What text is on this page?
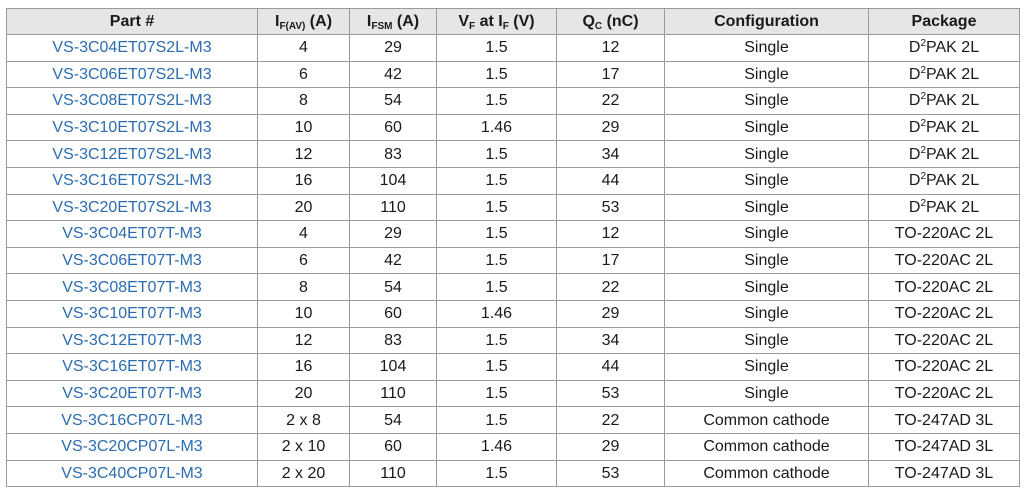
Part #	$I_{F(AV)}$ (A)	$I_{FSM}$ (A)	$V_F$ at $I_F$ (V)	$Q_C$ (nC)	Configuration	Package
VS-3C04ET07S2L-M3	4	29	1.5	12	Single	$D^2PAK$ 2L
VS-3C06ET07S2L-M3	6	42	1.5	17	Single	$D^2PAK$ 2L
VS-3C08ET07S2L-M3	8	54	1.5	22	Single	$D^2PAK$ 2L
VS-3C10ET07S2L-M3	10	60	1.46	29	Single	$D^2PAK$ 2L
VS-3C12ET07S2L-M3	12	83	1.5	34	Single	$D^2PAK$ 2L
VS-3C16ET07S2L-M3	16	104	1.5	44	Single	$D^2PAK$ 2L
VS-3C20ET07S2L-M3	20	110	1.5	53	Single	$D^2PAK$ 2L
VS-3C04ET07T-M3	4	29	1.5	12	Single	TO-220AC 2L
VS-3C06ET07T-M3	6	42	1.5	17	Single	TO-220AC 2L
VS-3C08ET07T-M3	8	54	1.5	22	Single	TO-220AC 2L
VS-3C10ET07T-M3	10	60	1.46	29	Single	TO-220AC 2L
VS-3C12ET07T-M3	12	83	1.5	34	Single	TO-220AC 2L
VS-3C16ET07T-M3	16	104	1.5	44	Single	TO-220AC 2L
VS-3C20ET07T-M3	20	110	1.5	53	Single	TO-220AC 2L
VS-3C16CP07L-M3	2 x 8	54	1.5	22	Common cathode	TO-247AD 3L
VS-3C20CP07L-M3	2 x 10	60	1.46	29	Common cathode	TO-247AD 3L
VS-3C40CP07L-M3	2 x 20	110	1.5	53	Common cathode	TO-247AD 3L
